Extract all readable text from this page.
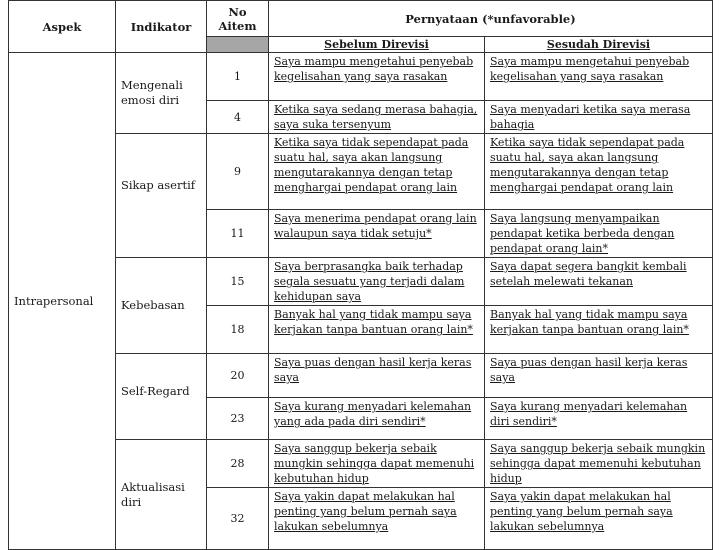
Aspek	Indikator	No Aitem	Pernyataan (*unfavorable)	
			Sebelum Direvisi	Sesudah Direvisi
Intrapersonal	Mengenali emosi diri	1	Saya mampu mengetahui penyebab kegelisahan yang saya rasakan	Saya mampu mengetahui penyebab kegelisahan yang saya rasakan
		4	Ketika saya sedang merasa bahagia, saya suka tersenyum	Saya menyadari ketika saya merasa bahagia
	Sikap asertif	9	Ketika saya tidak sependapat pada suatu hal, saya akan langsung mengutarakannya dengan tetap menghargai pendapat orang lain	Ketika saya tidak sependapat pada suatu hal, saya akan langsung mengutarakannya dengan tetap menghargai pendapat orang lain
		11	Saya menerima pendapat orang lain walaupun saya tidak setuju*	Saya langsung menyampaikan pendapat ketika berbeda dengan pendapat orang lain*
	Kebebasan	15	Saya berprasangka baik terhadap segala sesuatu yang terjadi dalam kehidupan saya	Saya dapat segera bangkit kembali setelah melewati tekanan
		18	Banyak hal yang tidak mampu saya kerjakan tanpa bantuan orang lain*	Banyak hal yang tidak mampu saya kerjakan tanpa bantuan orang lain*
	Self-Regard	20	Saya puas dengan hasil kerja keras saya	Saya puas dengan hasil kerja keras saya
		23	Saya kurang menyadari kelemahan yang ada pada diri sendiri*	Saya kurang menyadari kelemahan diri sendiri*
	Aktualisasi diri	28	Saya sanggup bekerja sebaik mungkin sehingga dapat memenuhi kebutuhan hidup	Saya sanggup bekerja sebaik mungkin sehingga dapat memenuhi kebutuhan hidup
		32	Saya yakin dapat melakukan hal penting yang belum pernah saya lakukan sebelumnya	Saya yakin dapat melakukan hal penting yang belum pernah saya lakukan sebelumnya
